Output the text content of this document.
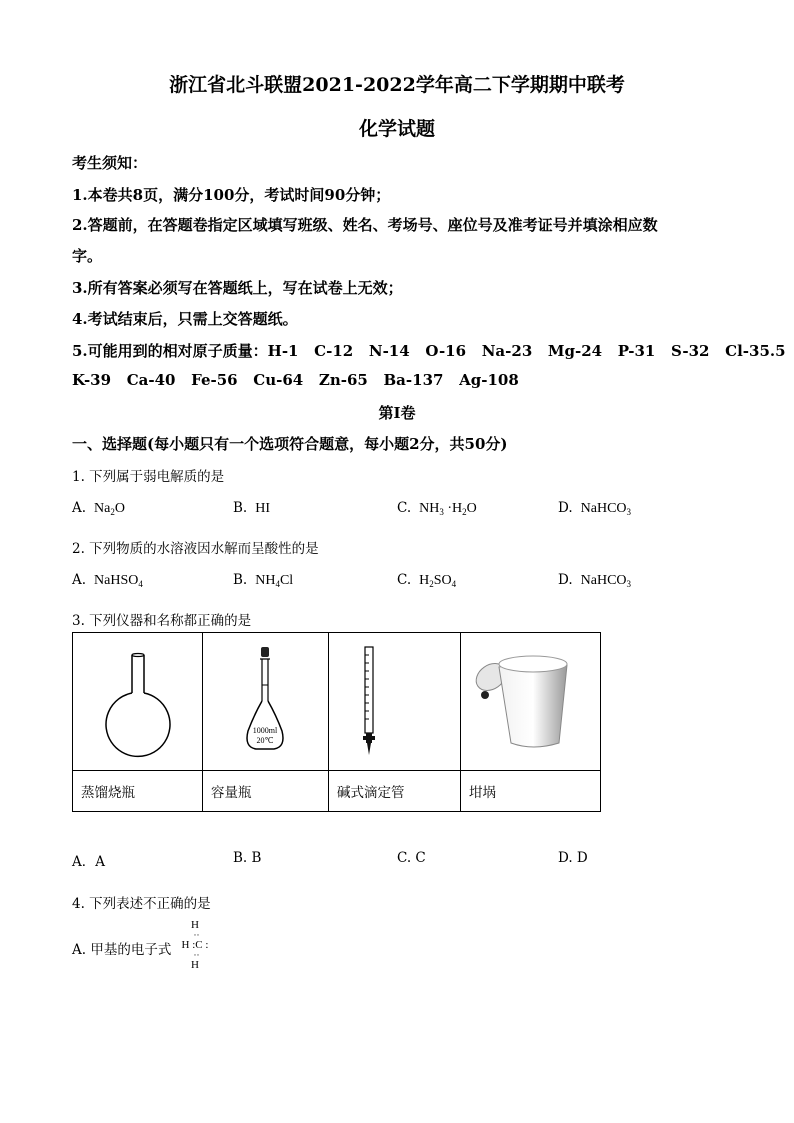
浙江省北斗联盟2021-2022学年高二下学期期中联考
化学试题
考生须知：
1.本卷共8页，满分100分，考试时间90分钟；
2.答题前，在答题卷指定区域填写班级、姓名、考场号、座位号及准考证号并填涂相应数
字。
3.所有答案必须写在答题纸上，写在试卷上无效；
4.考试结束后，只需上交答题纸。
5.可能用到的相对原子质量：H-1   C-12   N-14   O-16   Na-23   Mg-24   P-31   S-32   Cl-35.5
K-39   Ca-40   Fe-56   Cu-64   Zn-65   Ba-137   Ag-108
第I卷
一、选择题(每小题只有一个选项符合题意，每小题2分，共50分)
1. 下列属于弱电解质的是
A. $Na_2O$	B. HI	C. $NH_3 \cdot H_2O$	D. NaHCO$_3$
2. 下列物质的水溶液因水解而呈酸性的是
A. NaHSO$_4$	B. $NH_4Cl$	C. $H_2SO_4$	D. NaHCO$_3$
3. 下列仪器和名称都正确的是

1000ml
20℃

蒸馏烧瓶	容量瓶	碱式滴定管	坩埚
A．A	B. B	C. C	D. D
4. 下列表述不正确的是
A. 甲基的电子式
H
··
H :C :
··
H
